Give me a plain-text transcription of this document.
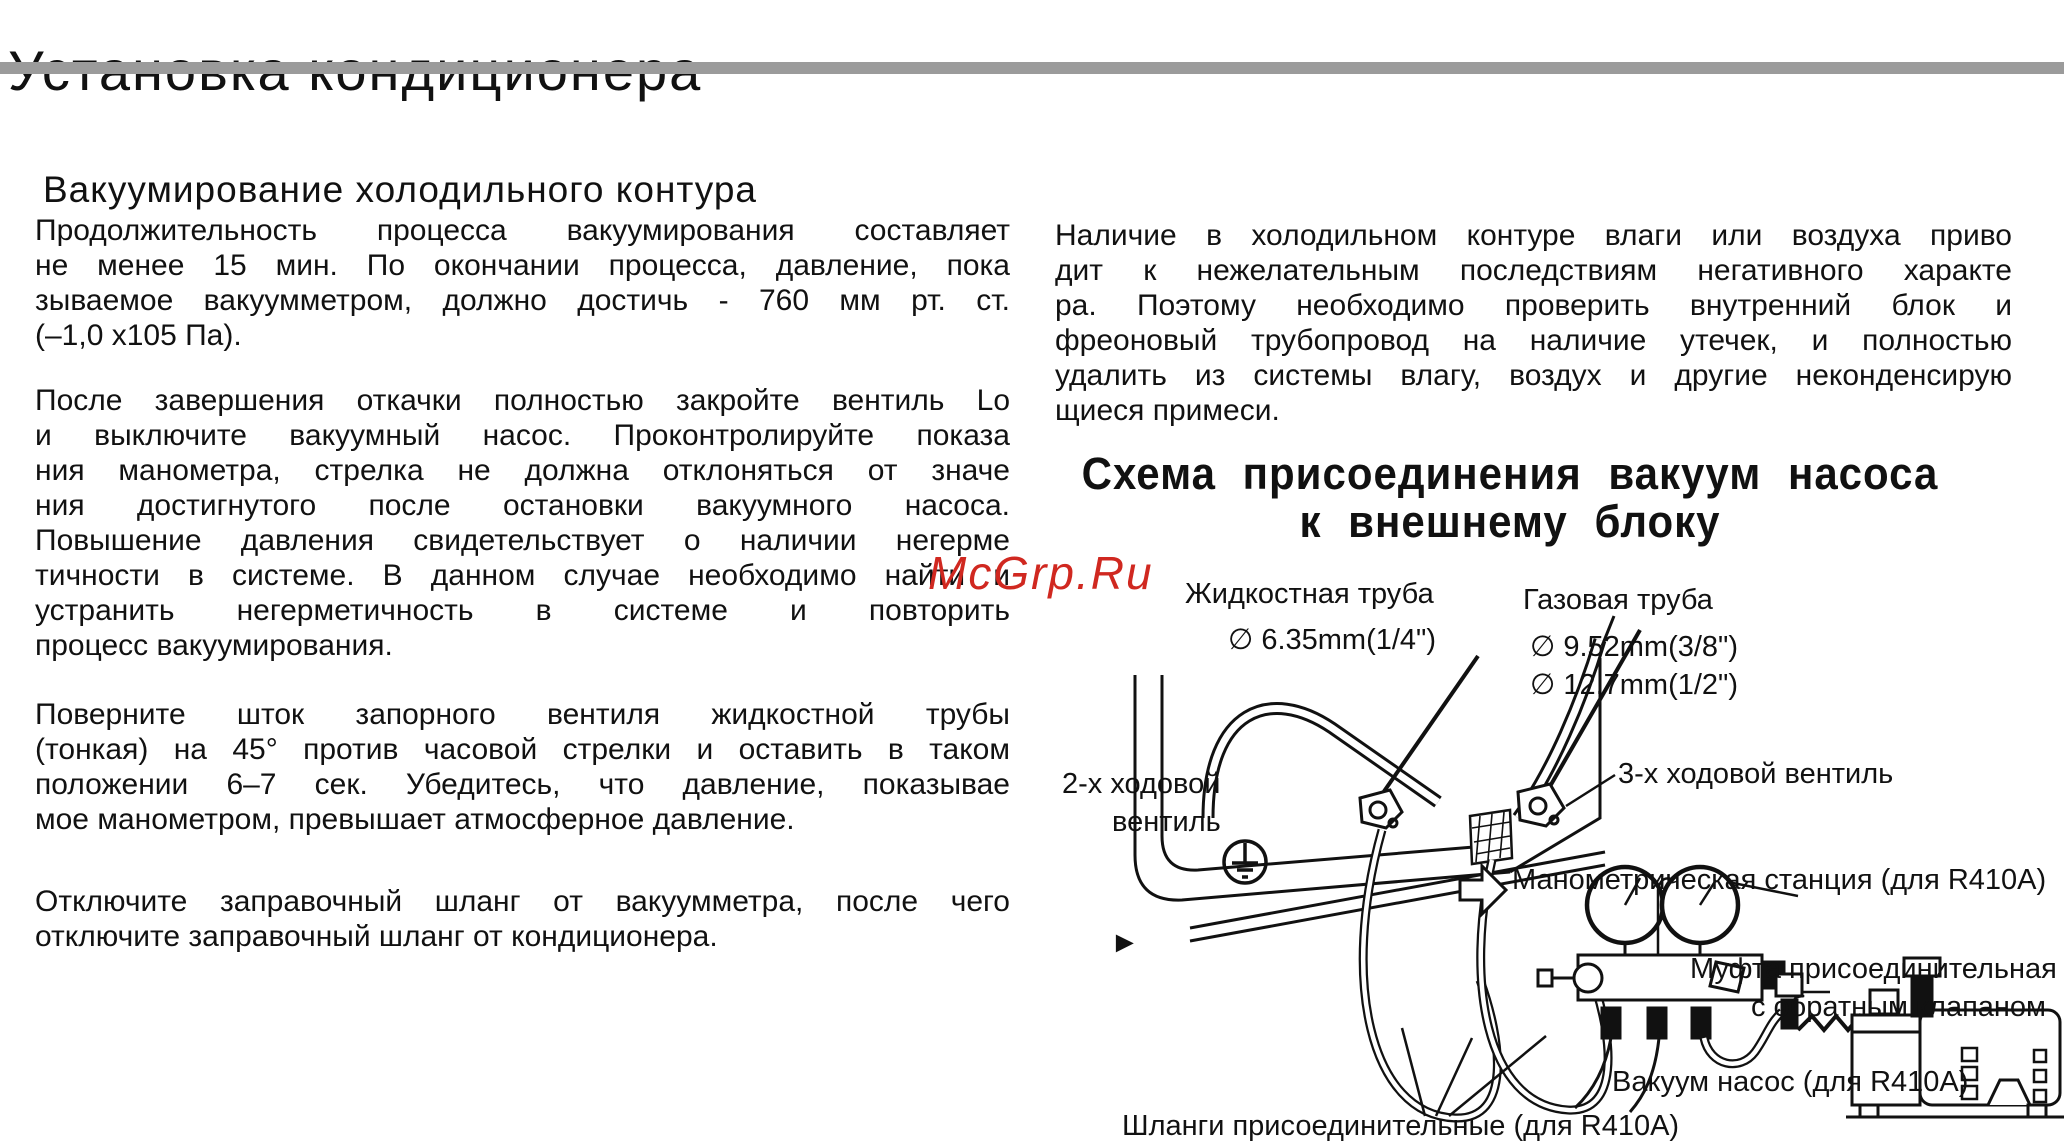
Вакуумирование холодильного контура
Продолжительность процесса вакуумирования составляет
не менее 15 мин. По окончании процесса, давление, пока
зываемое вакуумметром, должно достичь - 760 мм рт. ст.
(–1,0 х105 Па).
После завершения откачки полностью закройте вентиль Lo
и выключите вакуумный насос. Проконтролируйте показа
ния манометра, стрелка не должна отклоняться от значе
ния достигнутого после остановки вакуумного насоса.
Повышение давления свидетельствует о наличии негерме
тичности в системе. В данном случае необходимо найти и
устранить негерметичность в системе и повторить
процесс вакуумирования.
Поверните шток запорного вентиля жидкостной трубы
(тонкая) на 45° против часовой стрелки и оставить в таком
положении 6–7 сек. Убедитесь, что давление, показывае
мое манометром, превышает атмосферное давление.
Отключите заправочный шланг от вакуумметра, после чего
отключите заправочный шланг от кондиционера.
Наличие в холодильном контуре влаги или воздуха приво
дит к нежелательным последствиям негативного характе
ра. Поэтому необходимо проверить внутренний блок и
фреоновый трубопровод на наличие утечек, и полностью
удалить из системы влагу, воздух и другие неконденсирую
щиеся примеси.
Схема присоединения вакуум насоса
к внешнему блоку
McGrp.Ru Жидкостная труба
∅ 6.35mm(1/4")
Газовая труба
∅ 9.52mm(3/8")
∅ 12.7mm(1/2")
2-х ходовой
вентиль
3-х ходовой вентиль
Манометрическая станция (для R410A)
Муфта присоединительная
с обратным клапаном
Вакуум насос (для R410A)
Шланги присоединительные (для R410A)
►
